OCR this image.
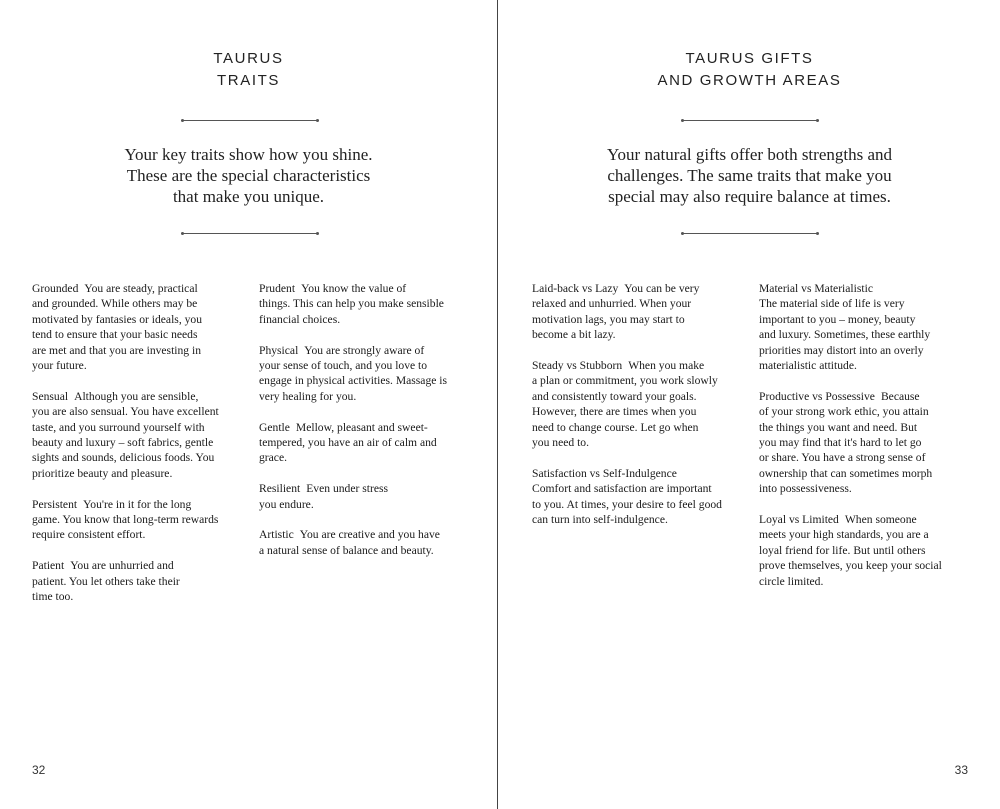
TAURUS
TRAITS
Your key traits show how you shine.
These are the special characteristics
that make you unique.
Grounded You are steady, practical
and grounded. While others may be
motivated by fantasies or ideals, you
tend to ensure that your basic needs
are met and that you are investing in
your future.
Sensual Although you are sensible,
you are also sensual. You have excellent
taste, and you surround yourself with
beauty and luxury – soft fabrics, gentle
sights and sounds, delicious foods. You
prioritize beauty and pleasure.
Persistent You're in it for the long
game. You know that long-term rewards
require consistent effort.
Patient You are unhurried and
patient. You let others take their
time too.
Prudent You know the value of
things. This can help you make sensible
financial choices.
Physical You are strongly aware of
your sense of touch, and you love to
engage in physical activities. Massage is
very healing for you.
Gentle Mellow, pleasant and sweet-
tempered, you have an air of calm and
grace.
Resilient Even under stress
you endure.
Artistic You are creative and you have
a natural sense of balance and beauty.
32
TAURUS GIFTS
AND GROWTH AREAS
Your natural gifts offer both strengths and
challenges. The same traits that make you
special may also require balance at times.
Laid-back vs Lazy You can be very
relaxed and unhurried. When your
motivation lags, you may start to
become a bit lazy.
Steady vs Stubborn When you make
a plan or commitment, you work slowly
and consistently toward your goals.
However, there are times when you
need to change course. Let go when
you need to.
Satisfaction vs Self-Indulgence
Comfort and satisfaction are important
to you. At times, your desire to feel good
can turn into self-indulgence.
Material vs Materialistic
The material side of life is very
important to you – money, beauty
and luxury. Sometimes, these earthly
priorities may distort into an overly
materialistic attitude.
Productive vs Possessive Because
of your strong work ethic, you attain
the things you want and need. But
you may find that it's hard to let go
or share. You have a strong sense of
ownership that can sometimes morph
into possessiveness.
Loyal vs Limited When someone
meets your high standards, you are a
loyal friend for life. But until others
prove themselves, you keep your social
circle limited.
33
